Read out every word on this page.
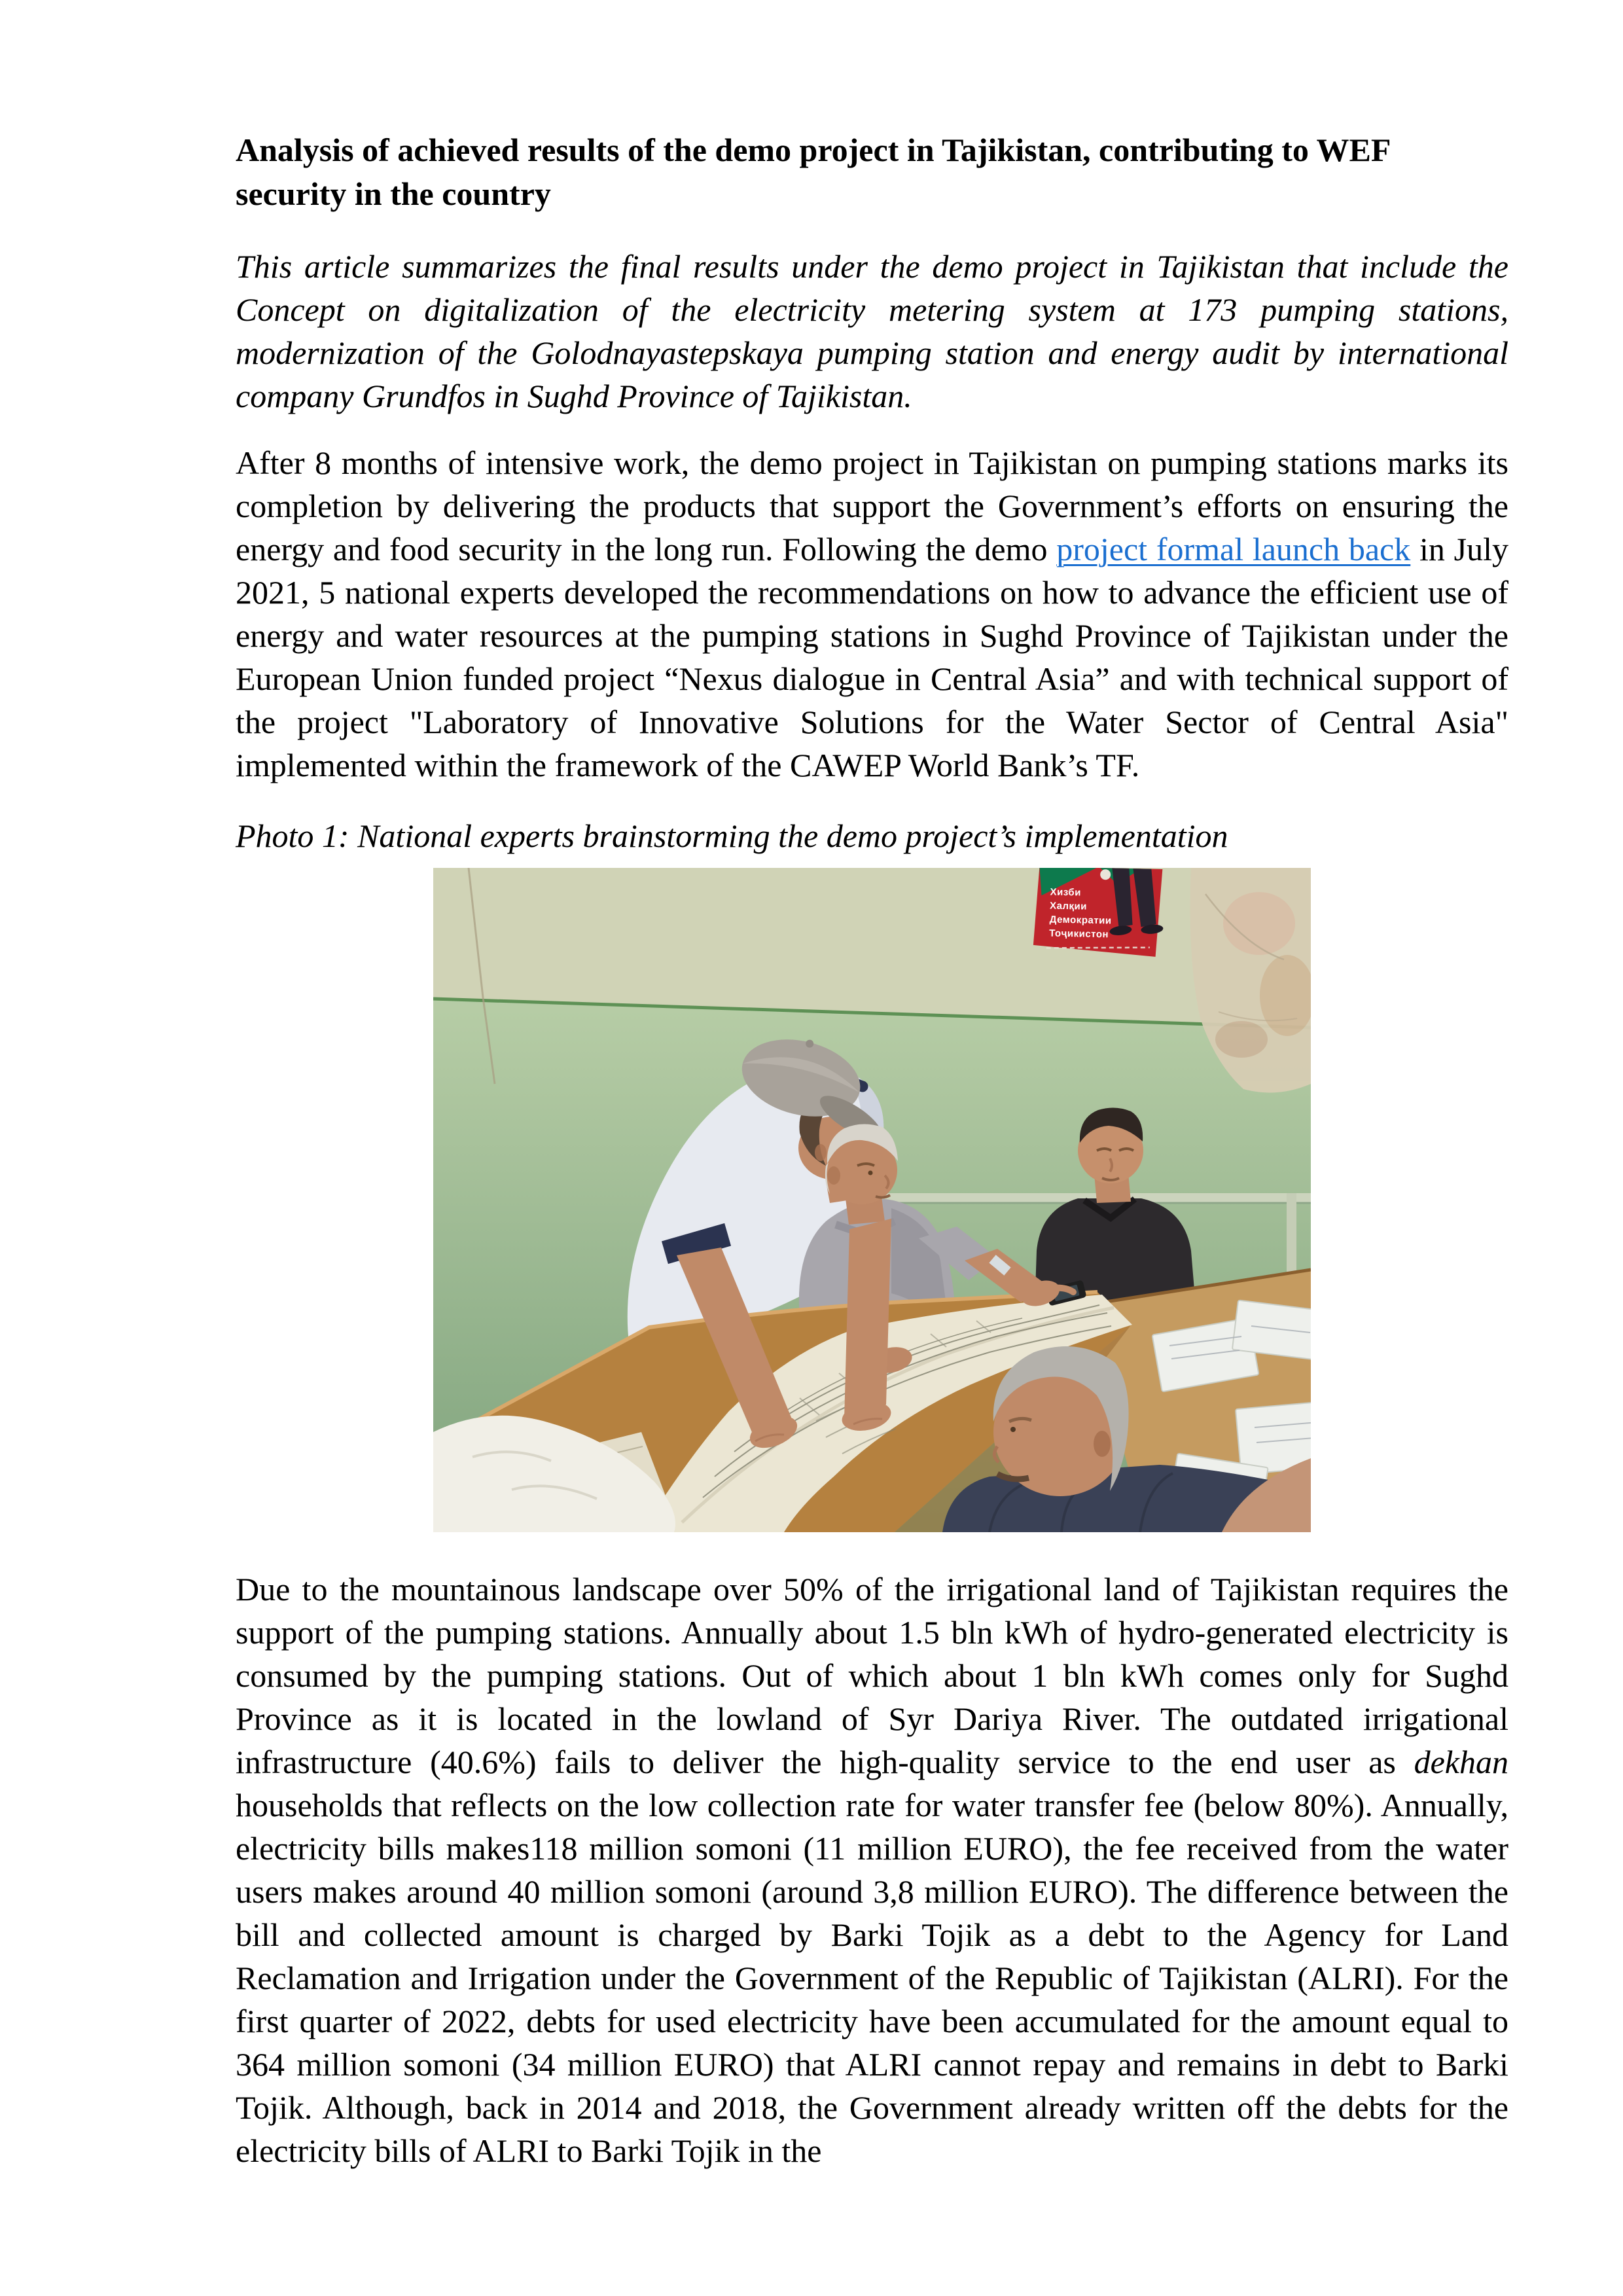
Analysis of achieved results of the demo project in Tajikistan, contributing to WEF security in the country

This article summarizes the final results under the demo project in Tajikistan that include the Concept on digitalization of the electricity metering system at 173 pumping stations, modernization of the Golodnayastepskaya pumping station and energy audit by international company Grundfos in Sughd Province of Tajikistan.

After 8 months of intensive work, the demo project in Tajikistan on pumping stations marks its completion by delivering the products that support the Government’s efforts on ensuring the energy and food security in the long run. Following the demo project formal launch back in July 2021, 5 national experts developed the recommendations on how to advance the efficient use of energy and water resources at the pumping stations in Sughd Province of Tajikistan under the European Union funded project “Nexus dialogue in Central Asia” and with technical support of the project "Laboratory of Innovative Solutions for the Water Sector of Central Asia" implemented within the framework of the CAWEP World Bank’s TF.

Photo 1: National experts brainstorming the demo project’s implementation

Хизби
Халқии
Демократии
Тоҷикистон

Due to the mountainous landscape over 50% of the irrigational land of Tajikistan requires the support of the pumping stations. Annually about 1.5 bln kWh of hydro-generated electricity is consumed by the pumping stations. Out of which about 1 bln kWh comes only for Sughd Province as it is located in the lowland of Syr Dariya River. The outdated irrigational infrastructure (40.6%) fails to deliver the high-quality service to the end user as dekhan households that reflects on the low collection rate for water transfer fee (below 80%). Annually, electricity bills makes118 million somoni (11 million EURO), the fee received from the water users makes around 40 million somoni (around 3,8 million EURO). The difference between the bill and collected amount is charged by Barki Tojik as a debt to the Agency for Land Reclamation and Irrigation under the Government of the Republic of Tajikistan (ALRI). For the first quarter of 2022, debts for used electricity have been accumulated for the amount equal to 364 million somoni (34 million EURO) that ALRI cannot repay and remains in debt to Barki Tojik. Although, back in 2014 and 2018, the Government already written off the debts for the electricity bills of ALRI to Barki Tojik in the
